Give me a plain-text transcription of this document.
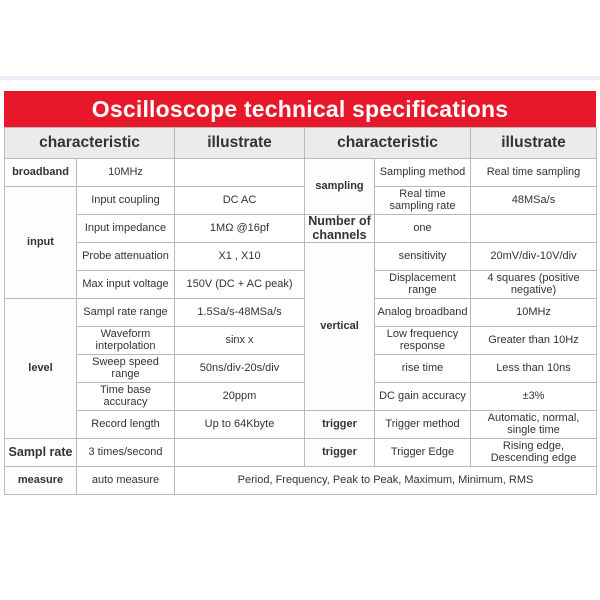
Oscilloscope technical specifications
characteristic		illustrate	characteristic		illustrate
broadband	10MHz		sampling	Sampling method	Real time sampling
input	Input coupling	DC AC		Real time sampling rate	48MSa/s
	Input impedance	1MΩ @16pf	Number of channels	one	
	Probe attenuation	X1 , X10	vertical	sensitivity	20mV/div-10V/div
	Max input voltage	150V (DC + AC peak)		Displacement range	4 squares (positive negative)
level	Sampl rate range	1.5Sa/s-48MSa/s		Analog broadband	10MHz
	Waveform interpolation	sinx x		Low frequency response	Greater than 10Hz
	Sweep speed range	50ns/div-20s/div		rise time	Less than 10ns
	Time base accuracy	20ppm		DC gain accuracy	±3%
	Record length	Up to 64Kbyte	trigger	Trigger method	Automatic, normal, single time
Sampl rate	3 times/second		trigger	Trigger Edge	Rising edge, Descending edge
measure	auto measure	Period, Frequency, Peak to Peak, Maximum, Minimum, RMS			
